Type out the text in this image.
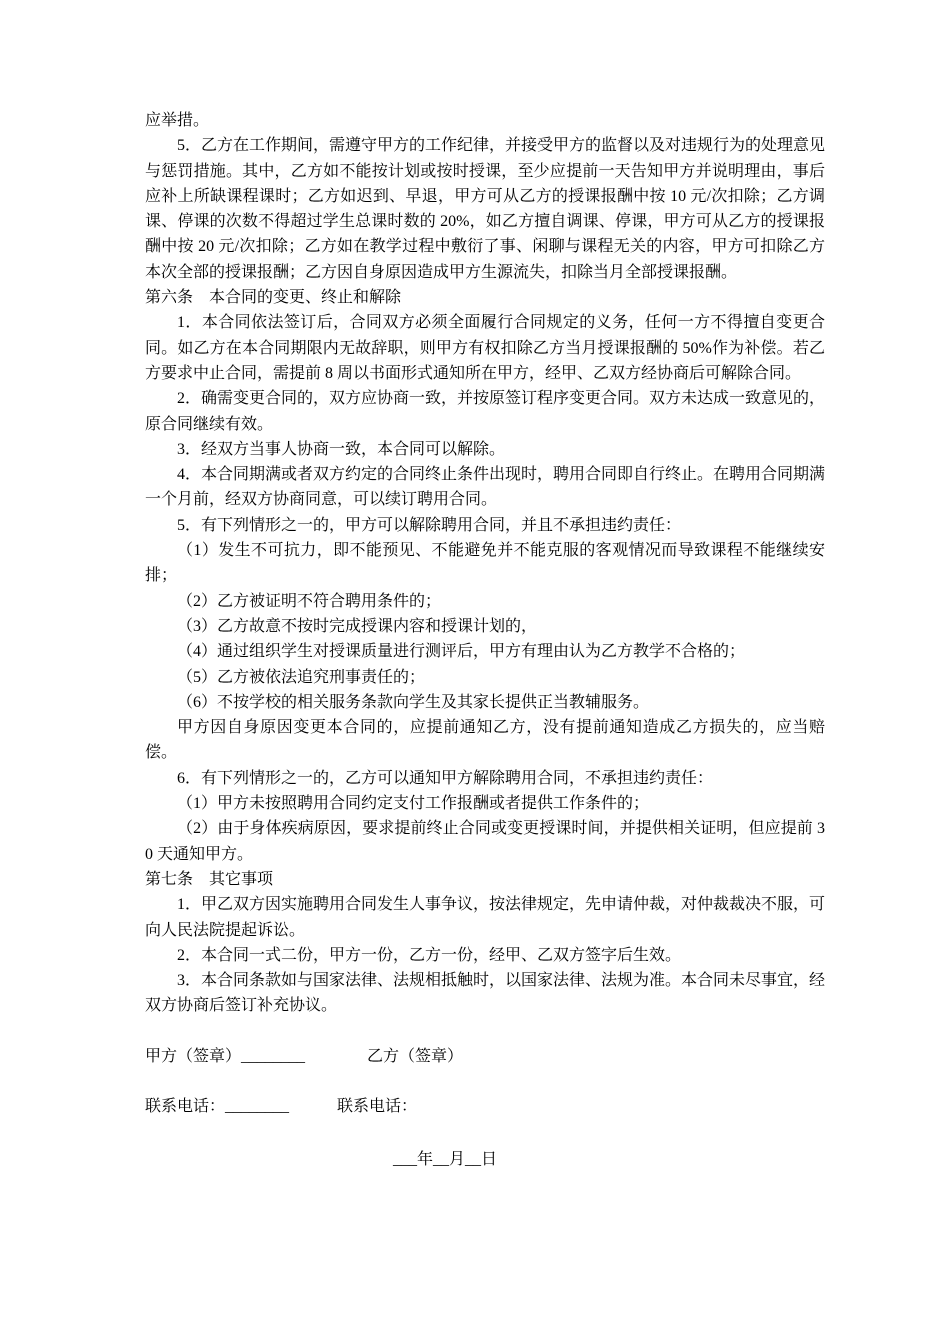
应举措。

5．乙方在工作期间，需遵守甲方的工作纪律，并接受甲方的监督以及对违规行为的处理意见与惩罚措施。其中，乙方如不能按计划或按时授课，至少应提前一天告知甲方并说明理由，事后应补上所缺课程课时；乙方如迟到、早退，甲方可从乙方的授课报酬中按 10 元/次扣除；乙方调课、停课的次数不得超过学生总课时数的 20%，如乙方擅自调课、停课，甲方可从乙方的授课报酬中按 20 元/次扣除；乙方如在教学过程中敷衍了事、闲聊与课程无关的内容，甲方可扣除乙方本次全部的授课报酬；乙方因自身原因造成甲方生源流失，扣除当月全部授课报酬。

第六条　本合同的变更、终止和解除

1．本合同依法签订后，合同双方必须全面履行合同规定的义务，任何一方不得擅自变更合同。如乙方在本合同期限内无故辞职，则甲方有权扣除乙方当月授课报酬的 50%作为补偿。若乙方要求中止合同，需提前 8 周以书面形式通知所在甲方，经甲、乙双方经协商后可解除合同。

2．确需变更合同的，双方应协商一致，并按原签订程序变更合同。双方未达成一致意见的，原合同继续有效。

3．经双方当事人协商一致，本合同可以解除。

4．本合同期满或者双方约定的合同终止条件出现时，聘用合同即自行终止。在聘用合同期满一个月前，经双方协商同意，可以续订聘用合同。

5．有下列情形之一的，甲方可以解除聘用合同，并且不承担违约责任：

（1）发生不可抗力，即不能预见、不能避免并不能克服的客观情况而导致课程不能继续安排；

（2）乙方被证明不符合聘用条件的；

（3）乙方故意不按时完成授课内容和授课计划的，

（4）通过组织学生对授课质量进行测评后，甲方有理由认为乙方教学不合格的；

（5）乙方被依法追究刑事责任的；

（6）不按学校的相关服务条款向学生及其家长提供正当教辅服务。

甲方因自身原因变更本合同的，应提前通知乙方，没有提前通知造成乙方损失的，应当赔偿。

6．有下列情形之一的，乙方可以通知甲方解除聘用合同，不承担违约责任：

（1）甲方未按照聘用合同约定支付工作报酬或者提供工作条件的；

（2）由于身体疾病原因，要求提前终止合同或变更授课时间，并提供相关证明，但应提前 30 天通知甲方。

第七条　其它事项

1．甲乙双方因实施聘用合同发生人事争议，按法律规定，先申请仲裁，对仲裁裁决不服，可向人民法院提起诉讼。

2．本合同一式二份，甲方一份，乙方一份，经甲、乙双方签字后生效。

3．本合同条款如与国家法律、法规相抵触时，以国家法律、法规为准。本合同未尽事宜，经双方协商后签订补充协议。

甲方（签章）________	乙方（签章）

联系电话：________	联系电话：

___年__月__日
